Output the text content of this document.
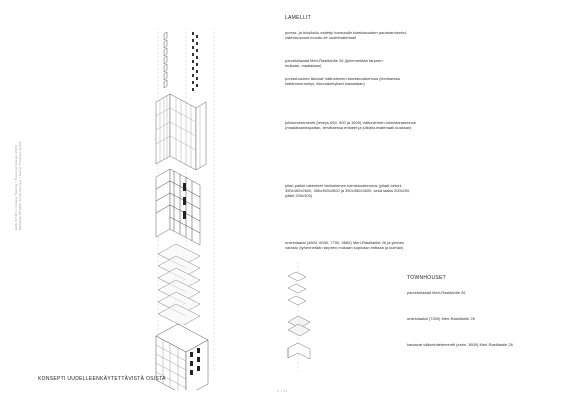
ARK-O7401 / Aniara Halling / Housing Design 2023 DESIGN PHASE: Final Review / Kaisa Yliopisto Etelä
LAMELLIT
porras- ja hissikuilu esitetty harmaalla kuettaisuuden parantamiseksi, rakennusosat muuttu ite uudelmateriaali
parvekelaatat Meri-Rastilantie 26 (tyhennetään tarpeen mukaan, maalataan)
porrashuonee ikkunat Vattuniemen toimistorakennus (tervitaessa liottämmennetys, ikkunakehykset maalataan)
julkisivuelementit (leveys 650, 900 ja 1600) Vattuniemen toimistorakennus (maalataanhapaitan, tervittaessa eristeet ja julkisivumateriaali uusitaan)
pilari-palkki rakenteet Vattuniemen toimistorakennus (pilarit betoni 350x450x2600, 350x350x2600 ja 350x350x3600, sekä laatta 200x200, pälkit 200x300)
ontelolaatat (4800, 6000, 7700, 9660) Meri-Rastilantie 26 ja yleinen varasto (tyhennetään tarpeen mukaan sopivaan mittaan ja kulman)
TOWNHOUSET
parvekelaatat Meri-Rastilantie 26
ontelolaatat (7300) Meri-Rastilantie 26
kantavat väliseinäelementit (esim. 3600) Meri-Rastilantie 26
KONSEPTI UUDELLEENKÄYTETTÄVISTÄ OSISTA
3 / 11
